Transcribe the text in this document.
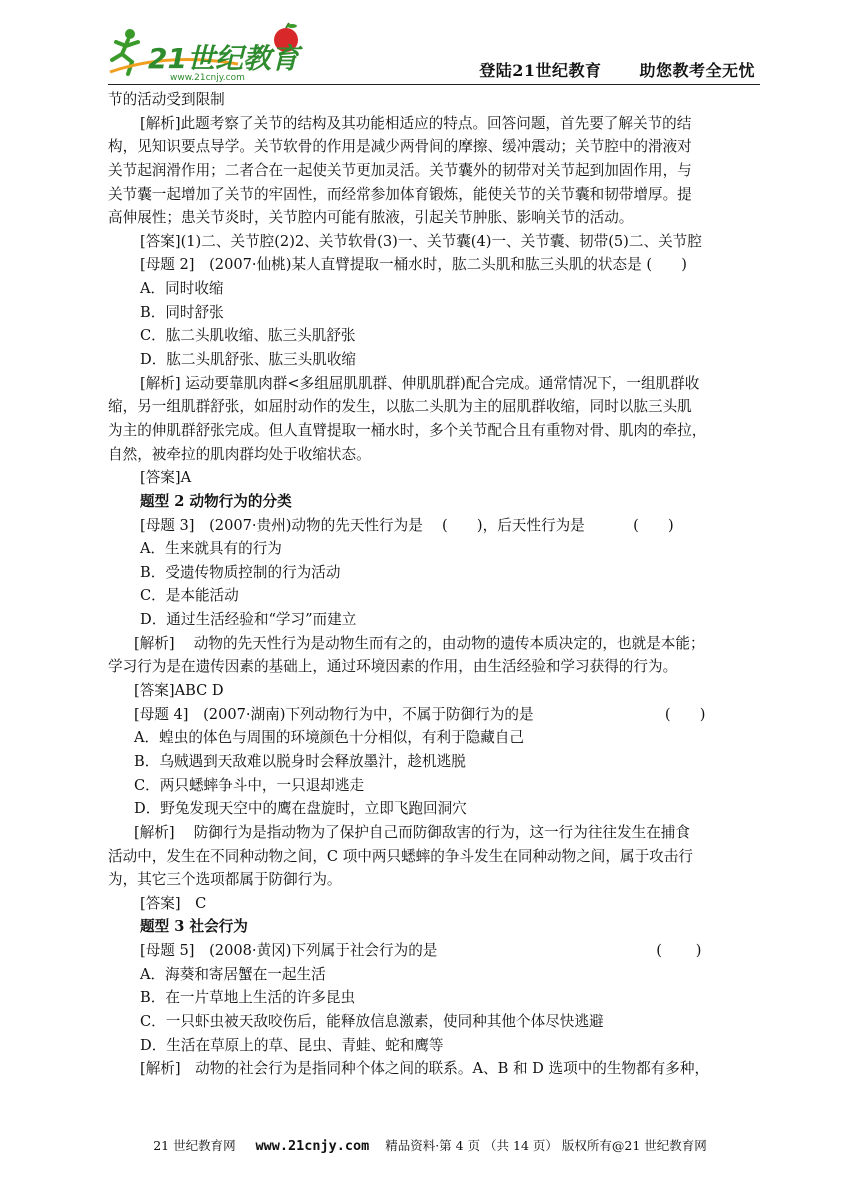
21世纪教育
www.21cnjy.com	登陆21世纪教育 助您教考全无忧
节的活动受到限制
[解析]此题考察了关节的结构及其功能相适应的特点。回答问题，首先要了解关节的结
构，见知识要点导学。关节软骨的作用是减少两骨间的摩擦、缓冲震动；关节腔中的滑液对
关节起润滑作用；二者合在一起使关节更加灵活。关节囊外的韧带对关节起到加固作用，与
关节囊一起增加了关节的牢固性，而经常参加体育锻炼，能使关节的关节囊和韧带增厚。提
高伸展性；患关节炎时，关节腔内可能有脓液，引起关节肿胀、影响关节的活动。
[答案](1)二、关节腔(2)2、关节软骨(3)一、关节囊(4)一、关节囊、韧带(5)二、关节腔
[母题 2]　(2007·仙桃)某人直臂提取一桶水时，肱二头肌和肱三头肌的状态是 (　　)
A．同时收缩
B．同时舒张
C．肱二头肌收缩、肱三头肌舒张
D．肱二头肌舒张、肱三头肌收缩
[解析] 运动要靠肌肉群<多组屈肌肌群、伸肌肌群)配合完成。通常情况下，一组肌群收
缩，另一组肌群舒张，如屈肘动作的发生，以肱二头肌为主的屈肌群收缩，同时以肱三头肌
为主的伸肌群舒张完成。但人直臂提取一桶水时，多个关节配合且有重物对骨、肌肉的牵拉，
自然，被牵拉的肌肉群均处于收缩状态。
[答案]A
题型 2 动物行为的分类
[母题 3]　(2007·贵州)动物的先天性行为是　 (　　)，后天性行为是　　　 (　　)
A．生来就具有的行为
B．受遗传物质控制的行为活动
C．是本能活动
D．通过生活经验和“学习”而建立
[解析]　 动物的先天性行为是动物生而有之的，由动物的遗传本质决定的，也就是本能；
学习行为是在遗传因素的基础上，通过环境因素的作用，由生活经验和学习获得的行为。
[答案]ABC D
[母题 4]　(2007·湖南)下列动物行为中，不属于防御行为的是　　　　　　　　　(　　)
A．蝗虫的体色与周围的环境颜色十分相似，有利于隐藏自己
B．乌贼遇到天敌难以脱身时会释放墨汁，趁机逃脱
C．两只蟋蟀争斗中，一只退却逃走
D．野兔发现天空中的鹰在盘旋时，立即飞跑回洞穴
[解析]　 防御行为是指动物为了保护自己而防御敌害的行为，这一行为往往发生在捕食
活动中，发生在不同种动物之间，C 项中两只蟋蟀的争斗发生在同种动物之间，属于攻击行
为，其它三个选项都属于防御行为。
[答案]　C
题型 3 社会行为
[母题 5]　(2008·黄冈)下列属于社会行为的是　　　　　　　　　　　　　　　(　　 )
A．海葵和寄居蟹在一起生活
B．在一片草地上生活的许多昆虫
C．一只虾虫被天敌咬伤后，能释放信息激素，使同种其他个体尽快逃避
D．生活在草原上的草、昆虫、青蛙、蛇和鹰等
[解析]　动物的社会行为是指同种个体之间的联系。A、B 和 D 选项中的生物都有多种，
21 世纪教育网 www.21cnjy.com 精品资料·第 4 页 （共 14 页） 版权所有@21 世纪教育网
